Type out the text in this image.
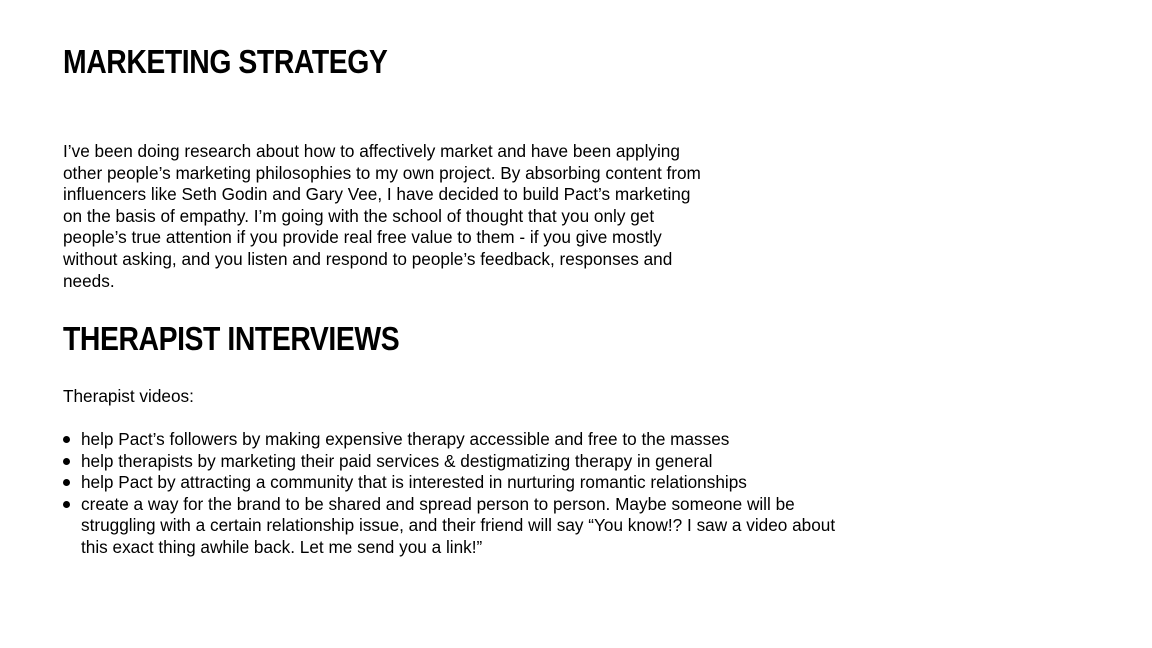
MARKETING STRATEGY

I’ve been doing research about how to affectively market and have been applying other people’s marketing philosophies to my own project. By absorbing content from influencers like Seth Godin and Gary Vee, I have decided to build Pact’s marketing on the basis of empathy. I’m going with the school of thought that you only get people’s true attention if you provide real free value to them - if you give mostly without asking, and you listen and respond to people’s feedback, responses and needs.

THERAPIST INTERVIEWS

Therapist videos:

help Pact’s followers by making expensive therapy accessible and free to the masses
help therapists by marketing their paid services & destigmatizing therapy in general
help Pact by attracting a community that is interested in nurturing romantic relationships
create a way for the brand to be shared and spread person to person. Maybe someone will be struggling with a certain relationship issue, and their friend will say “You know!? I saw a video about this exact thing awhile back. Let me send you a link!”
